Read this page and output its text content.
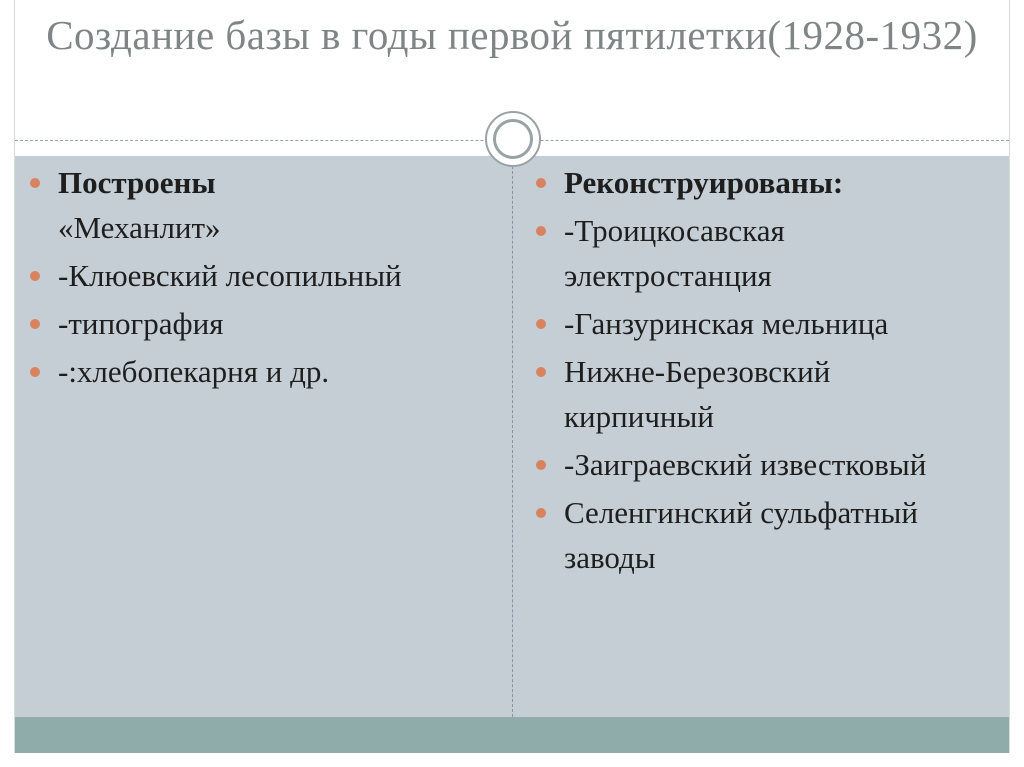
Создание базы в годы первой пятилетки(1928-1932)
Построены
«Механлит»
-Клюевский лесопильный
-типография
-:хлебопекарня и др.
Реконструированы:
-Троицкосавская электростанция
-Ганзуринская мельница
Нижне-Березовский кирпичный
-Заиграевский известковый
Селенгинский сульфатный заводы
